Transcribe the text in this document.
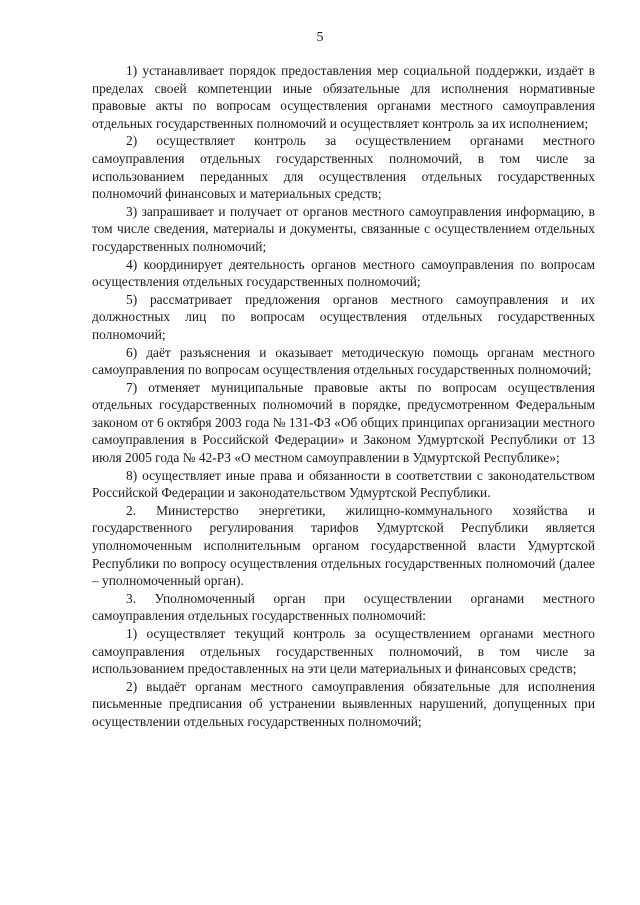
5

1) устанавливает порядок предоставления мер социальной поддержки, издаёт в пределах своей компетенции иные обязательные для исполнения нормативные правовые акты по вопросам осуществления органами местного самоуправления отдельных государственных полномочий и осуществляет контроль за их исполнением;

2) осуществляет контроль за осуществлением органами местного самоуправления отдельных государственных полномочий, в том числе за использованием переданных для осуществления отдельных государственных полномочий финансовых и материальных средств;

3) запрашивает и получает от органов местного самоуправления информацию, в том числе сведения, материалы и документы, связанные с осуществлением отдельных государственных полномочий;

4) координирует деятельность органов местного самоуправления по вопросам осуществления отдельных государственных полномочий;

5) рассматривает предложения органов местного самоуправления и их должностных лиц по вопросам осуществления отдельных государственных полномочий;

6) даёт разъяснения и оказывает методическую помощь органам местного самоуправления по вопросам осуществления отдельных государственных полномочий;

7) отменяет муниципальные правовые акты по вопросам осуществления отдельных государственных полномочий в порядке, предусмотренном Федеральным законом от 6 октября 2003 года № 131-ФЗ «Об общих принципах организации местного самоуправления в Российской Федерации» и Законом Удмуртской Республики от 13 июля 2005 года № 42-РЗ «О местном самоуправлении в Удмуртской Республике»;

8) осуществляет иные права и обязанности в соответствии с законодательством Российской Федерации и законодательством Удмуртской Республики.

2. Министерство энергетики, жилищно-коммунального хозяйства и государственного регулирования тарифов Удмуртской Республики является уполномоченным исполнительным органом государственной власти Удмуртской Республики по вопросу осуществления отдельных государственных полномочий (далее – уполномоченный орган).

3. Уполномоченный орган при осуществлении органами местного самоуправления отдельных государственных полномочий:

1) осуществляет текущий контроль за осуществлением органами местного самоуправления отдельных государственных полномочий, в том числе за использованием предоставленных на эти цели материальных и финансовых средств;

2) выдаёт органам местного самоуправления обязательные для исполнения письменные предписания об устранении выявленных нарушений, допущенных при осуществлении отдельных государственных полномочий;
